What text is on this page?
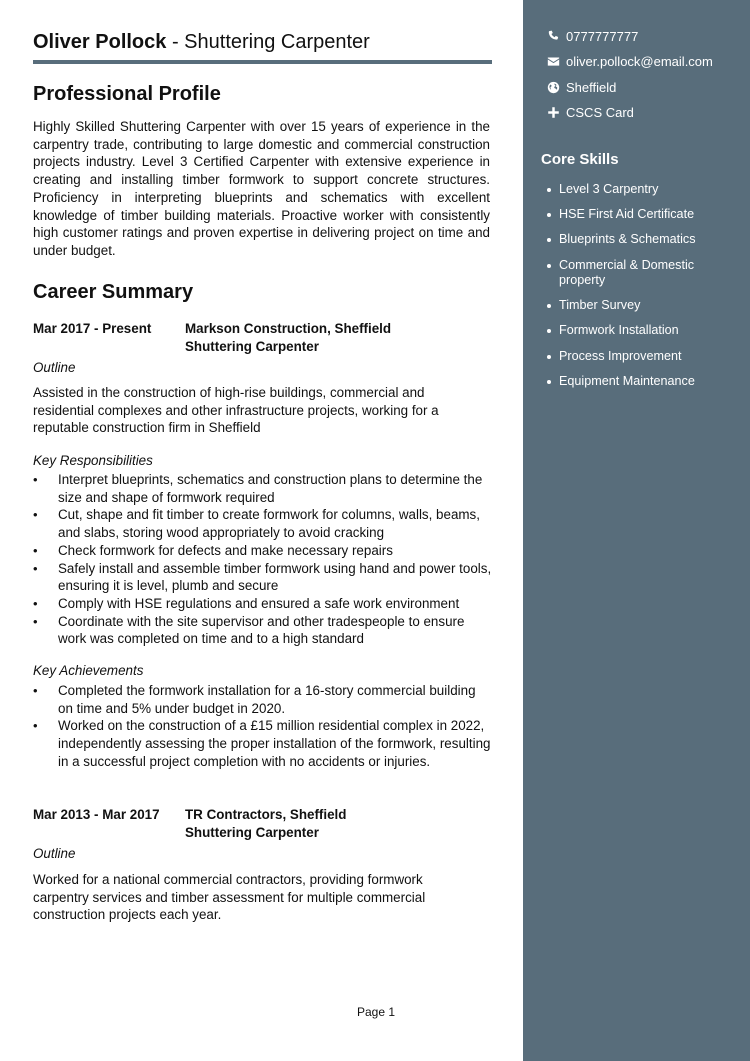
0777777777
oliver.pollock@email.com
Sheffield
CSCS Card
Core Skills
Level 3 Carpentry
HSE First Aid Certificate
Blueprints & Schematics
Commercial & Domestic property
Timber Survey
Formwork Installation
Process Improvement
Equipment Maintenance
Oliver Pollock - Shuttering Carpenter
Professional Profile
Highly Skilled Shuttering Carpenter with over 15 years of experience in the carpentry trade, contributing to large domestic and commercial construction projects industry. Level 3 Certified Carpenter with extensive experience in creating and installing timber formwork to support concrete structures. Proficiency in interpreting blueprints and schematics with excellent knowledge of timber building materials. Proactive worker with consistently high customer ratings and proven expertise in delivering project on time and under budget.
Career Summary
Mar 2017 - Present	Markson Construction, Sheffield
Shuttering Carpenter
Outline
Assisted in the construction of high-rise buildings, commercial and residential complexes and other infrastructure projects, working for a reputable construction firm in Sheffield
Key Responsibilities
• Interpret blueprints, schematics and construction plans to determine the size and shape of formwork required
• Cut, shape and fit timber to create formwork for columns, walls, beams, and slabs, storing wood appropriately to avoid cracking
• Check formwork for defects and make necessary repairs
• Safely install and assemble timber formwork using hand and power tools, ensuring it is level, plumb and secure
• Comply with HSE regulations and ensured a safe work environment
• Coordinate with the site supervisor and other tradespeople to ensure work was completed on time and to a high standard
Key Achievements
• Completed the formwork installation for a 16-story commercial building on time and 5% under budget in 2020.
• Worked on the construction of a £15 million residential complex in 2022, independently assessing the proper installation of the formwork, resulting in a successful project completion with no accidents or injuries.
Mar 2013 - Mar 2017 TR Contractors, Sheffield
Shuttering Carpenter
Outline
Worked for a national commercial contractors, providing formwork carpentry services and timber assessment for multiple commercial construction projects each year.
Page 1
